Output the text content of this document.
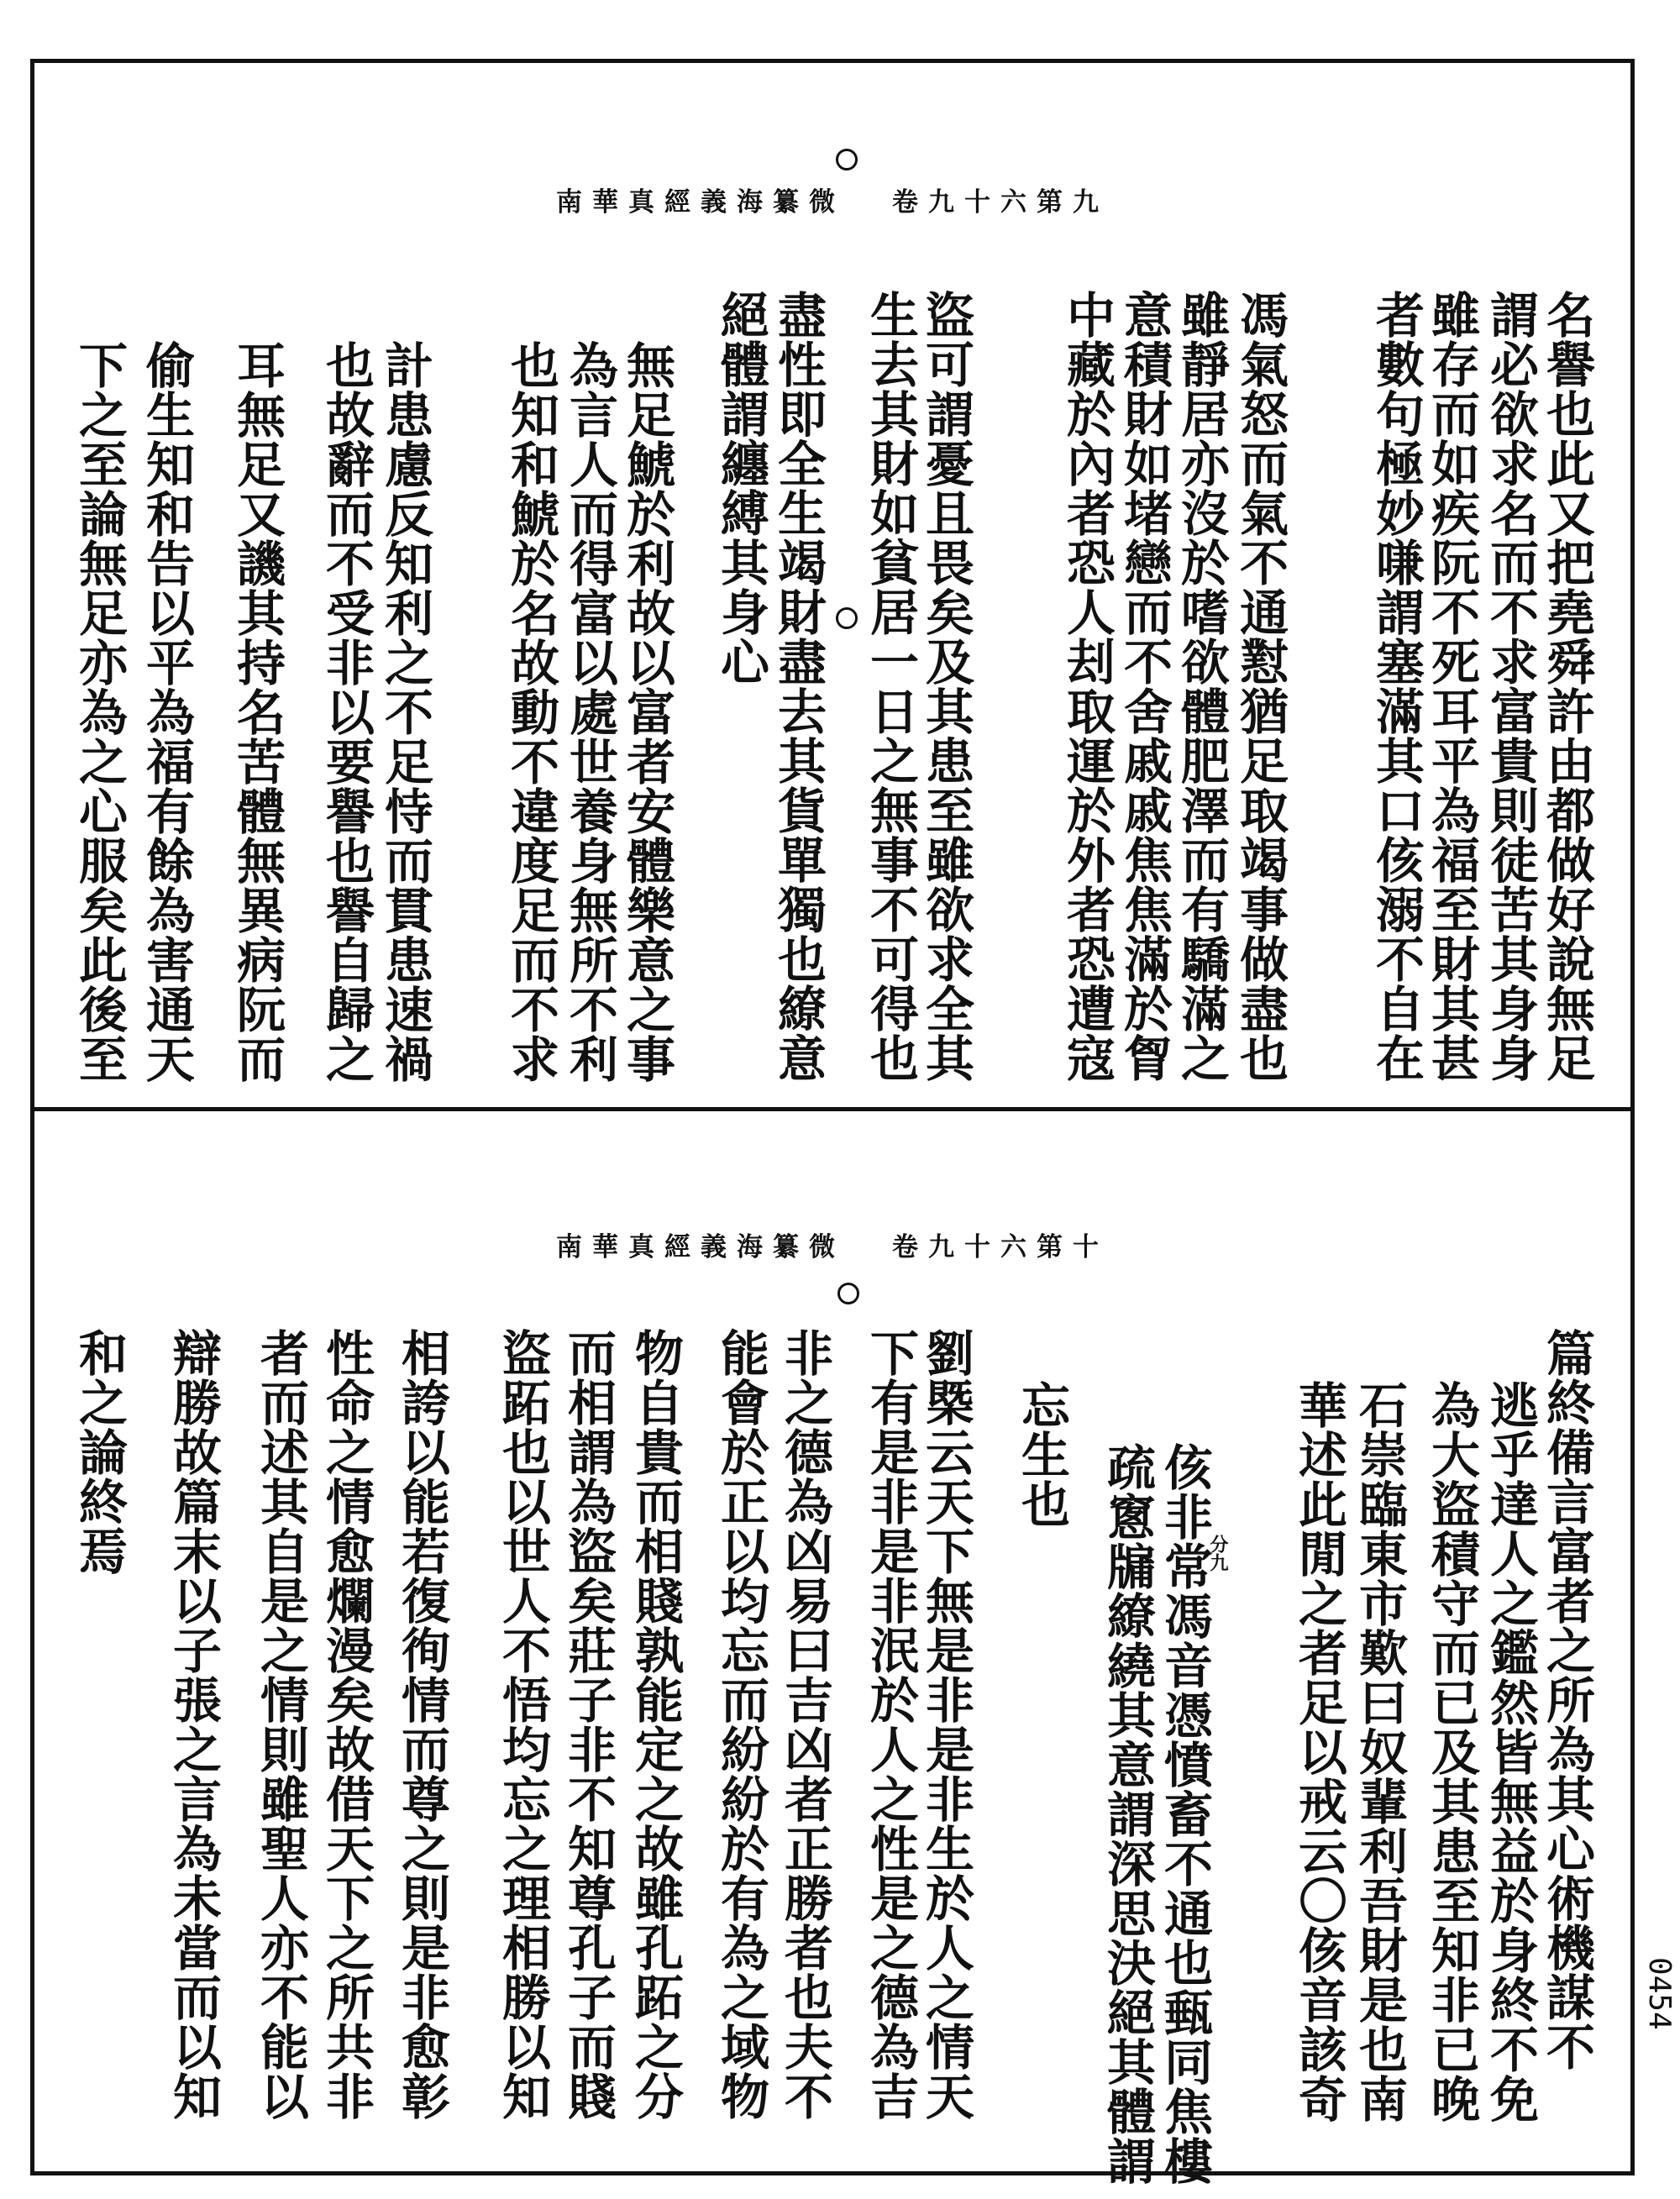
南華真經義海纂微 卷九十六第九
名譽也此又把堯舜許由都做好說無足
謂必欲求名而不求富貴則徒苦其身身
雖存而如疾阮不死耳平為福至財其甚
者數句極妙嗛謂塞滿其口侅溺不自在
馮氣怒而氣不通懟猶足取竭事做盡也
雖靜居亦沒於嗜欲體肥澤而有驕滿之
意積財如堵戀而不舍戚戚焦焦滿於胷
中藏於內者恐人刦取運於外者恐遭寇
盜可謂憂且畏矣及其患至雖欲求全其
生去其財如貧居一日之無事不可得也
盡性即全生竭財盡去其貨單獨也繚意
絕體謂纏縛其身心
無足鯱於利故以富者安體樂意之事
為言人而得富以處世養身無所不利
也知和鯱於名故動不違度足而不求
計患慮反知利之不足恃而貫患速禍
也故辭而不受非以要譽也譽自歸之
耳無足又譏其持名苦體無異病阮而
偷生知和告以平為福有餘為害通天
下之至論無足亦為之心服矣此後至
南華真經義海纂微 卷九十六第十
分九	篇終備言富者之所為其心術機謀不
逃乎達人之鑑然皆無益於身終不免
為大盜積守而已及其患至知非已晚
石崇臨東市歎曰奴輩利吾財是也南
華述此閒之者足以戒云〇侅音該奇
侅非常馮音憑憤畜不通也甀同焦樓
疏窻牖繚繞其意謂深思決絕其體謂
忘生也
劉槩云天下無是非是非生於人之情天
下有是非是非泯於人之性是之德為吉
非之德為凶易曰吉凶者正勝者也夫不
能會於正以均忘而紛紛於有為之域物
物自貴而相賤孰能定之故雖孔跖之分
而相謂為盜矣莊子非不知尊孔子而賤
盜跖也以世人不悟均忘之理相勝以知
相誇以能若復徇情而尊之則是非愈彰
性命之情愈爛漫矣故借天下之所共非
者而述其自是之情則雖聖人亦不能以
辯勝故篇末以子張之言為未當而以知
和之論終焉
0454
